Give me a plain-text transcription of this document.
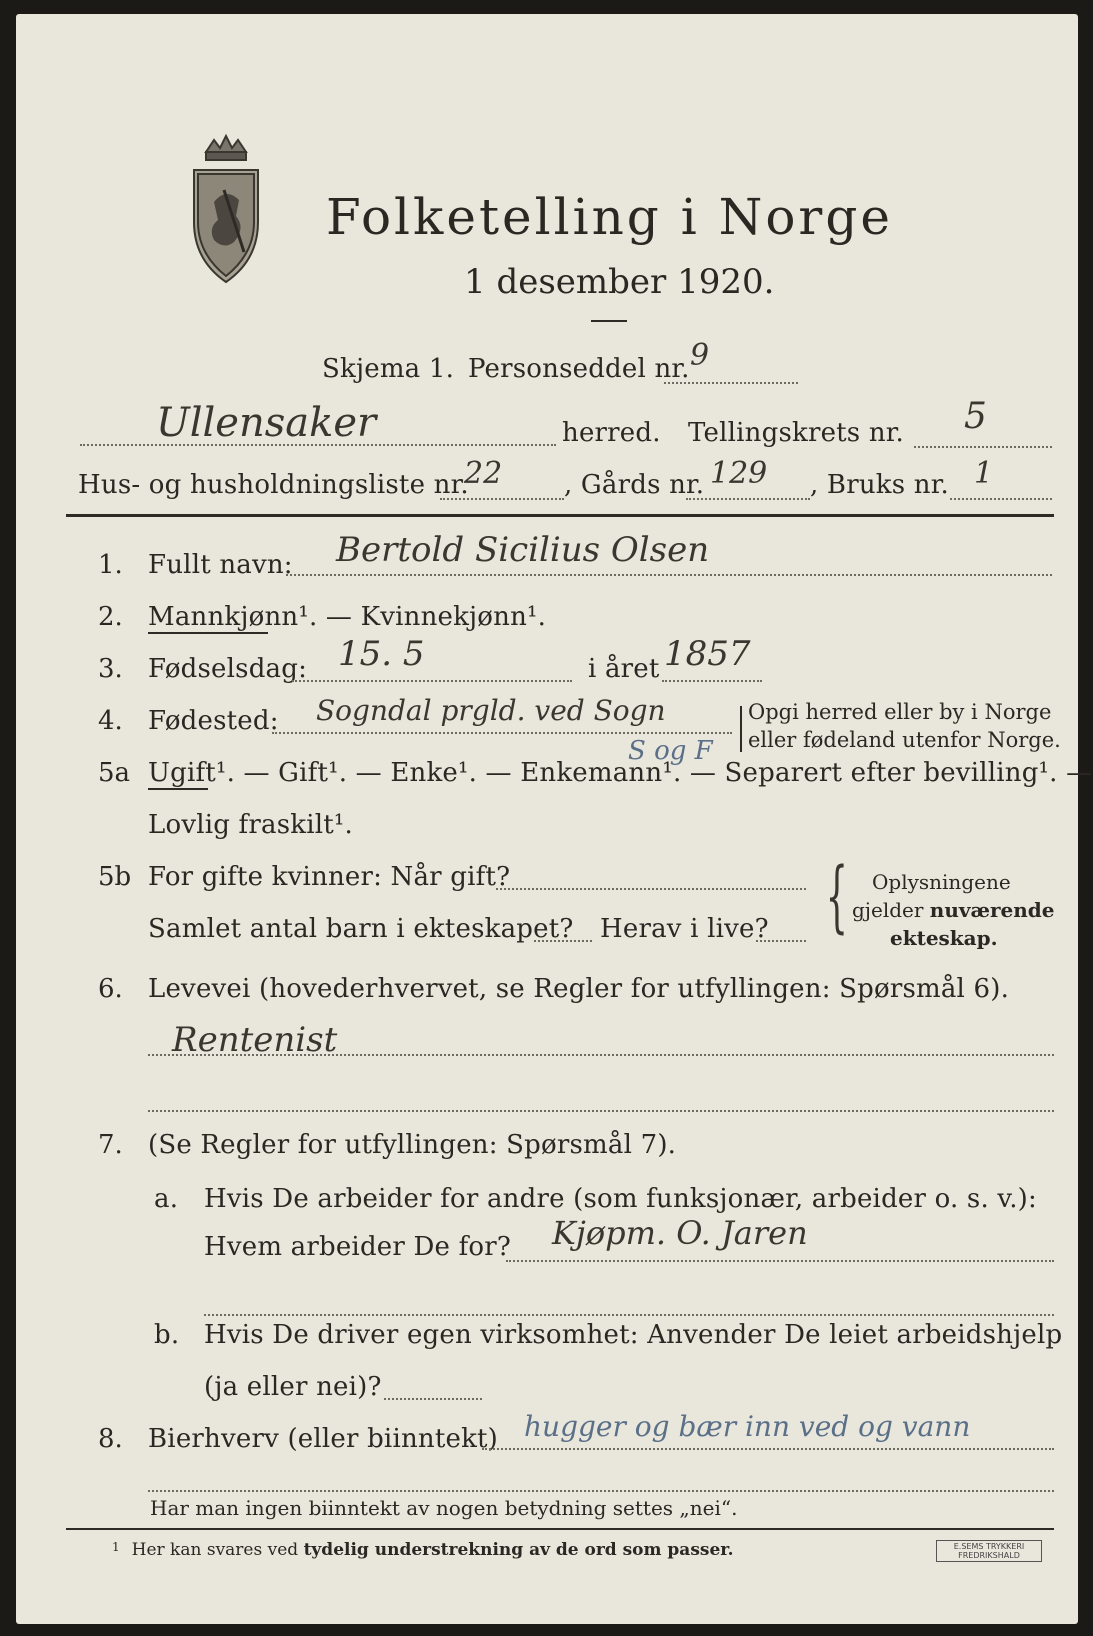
Folketelling i Norge
1 desember 1920.
Skjema 1. Personseddel nr. 9
Ullensaker	herred. Tellingskrets nr. 5
Hus- og husholdningsliste nr.
22 , Gårds nr. 129 , Bruks nr. 1
1. Fullt navn: Bertold Sicilius Olsen
2. Mannkjønn¹. — Kvinnekjønn¹.
3. Fødselsdag: 15. 5	i året 1857
4. Fødested: Sogndal prgld. ved Sogn
S og F
Opgi herred eller by i Norge
eller fødeland utenfor Norge.
5a Ugift¹. — Gift¹. — Enke¹. — Enkemann¹. — Separert efter bevilling¹. —
Lovlig fraskilt¹.
5b For gifte kvinner: Når gift?
Samlet antal barn i ekteskapet? Herav i live? { Oplysningene
gjelder nuværende
ekteskap.
6. Levevei (hovederhvervet, se Regler for utfyllingen: Spørsmål 6).
Rentenist
7. (Se Regler for utfyllingen: Spørsmål 7).
a. Hvis De arbeider for andre (som funksjonær, arbeider o. s. v.):
Hvem arbeider De for? Kjøpm. O. Jaren
b. Hvis De driver egen virksomhet: Anvender De leiet arbeidshjelp
(ja eller nei)?
8. Bierhverv (eller biinntekt) hugger og bær inn ved og vann
Har man ingen biinntekt av nogen betydning settes „nei“.
$^1$ Her kan svares ved tydelig understrekning av de ord som passer.	E.SEMS TRYKKERI FREDRIKSHALD
